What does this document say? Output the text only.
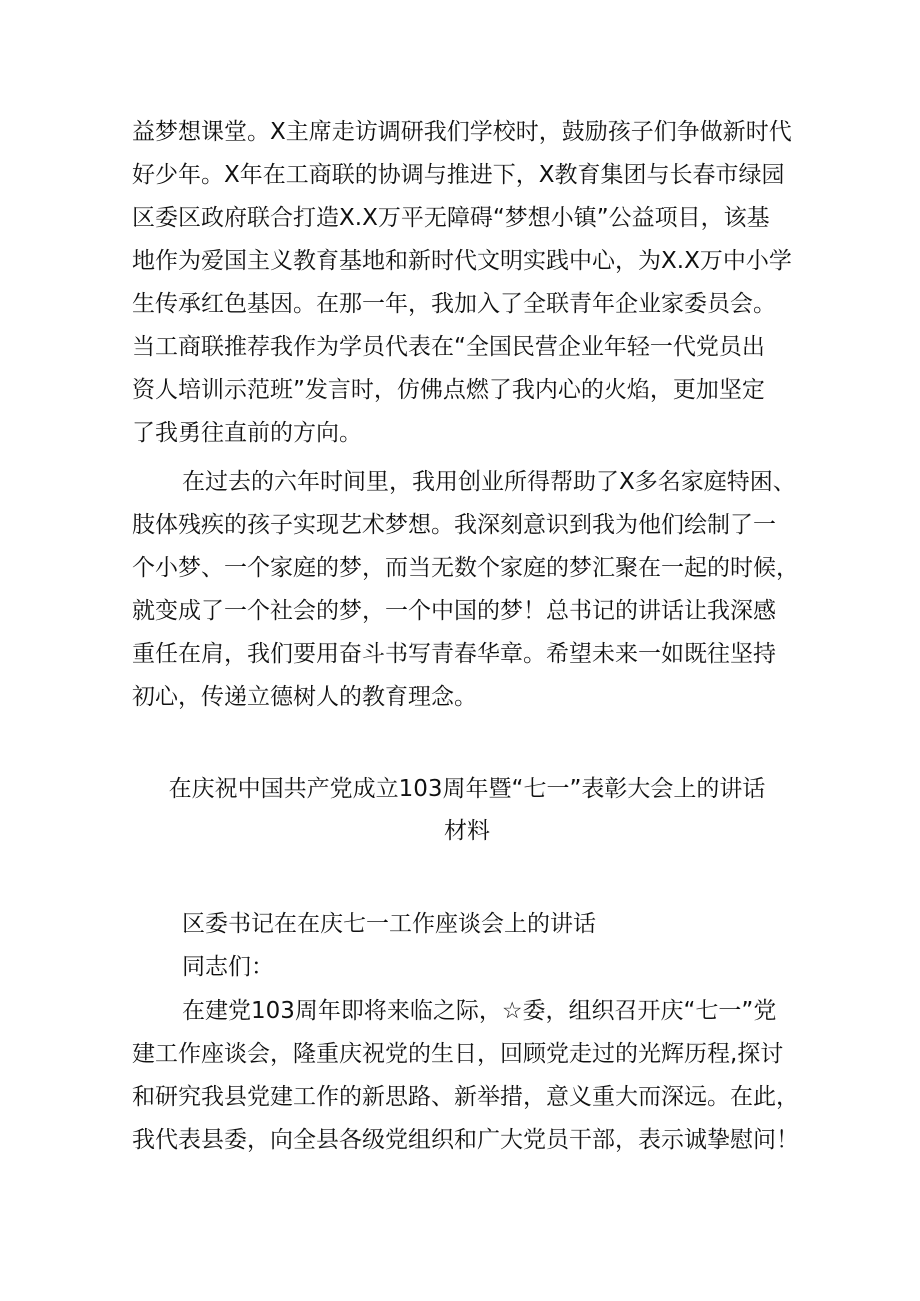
益梦想课堂。X主席走访调研我们学校时，鼓励孩子们争做新时代
好少年。X年在工商联的协调与推进下，X教育集团与长春市绿园
区委区政府联合打造X.X万平无障碍“梦想小镇”公益项目，该基
地作为爱国主义教育基地和新时代文明实践中心，为X.X万中小学
生传承红色基因。在那一年，我加入了全联青年企业家委员会。
当工商联推荐我作为学员代表在“全国民营企业年轻一代党员出
资人培训示范班”发言时，仿佛点燃了我内心的火焰，更加坚定
了我勇往直前的方向。
在过去的六年时间里，我用创业所得帮助了X多名家庭特困、
肢体残疾的孩子实现艺术梦想。我深刻意识到我为他们绘制了一
个小梦、一个家庭的梦，而当无数个家庭的梦汇聚在一起的时候，
就变成了一个社会的梦，一个中国的梦！总书记的讲话让我深感
重任在肩，我们要用奋斗书写青春华章。希望未来一如既往坚持
初心，传递立德树人的教育理念。
在庆祝中国共产党成立103周年暨“七一”表彰大会上的讲话
材料
区委书记在在庆七一工作座谈会上的讲话
同志们：
在建党103周年即将来临之际，☆委，组织召开庆“七一”党
建工作座谈会，隆重庆祝党的生日，回顾党走过的光辉历程,探讨
和研究我县党建工作的新思路、新举措，意义重大而深远。在此，
我代表县委，向全县各级党组织和广大党员干部，表示诚挚慰问！
